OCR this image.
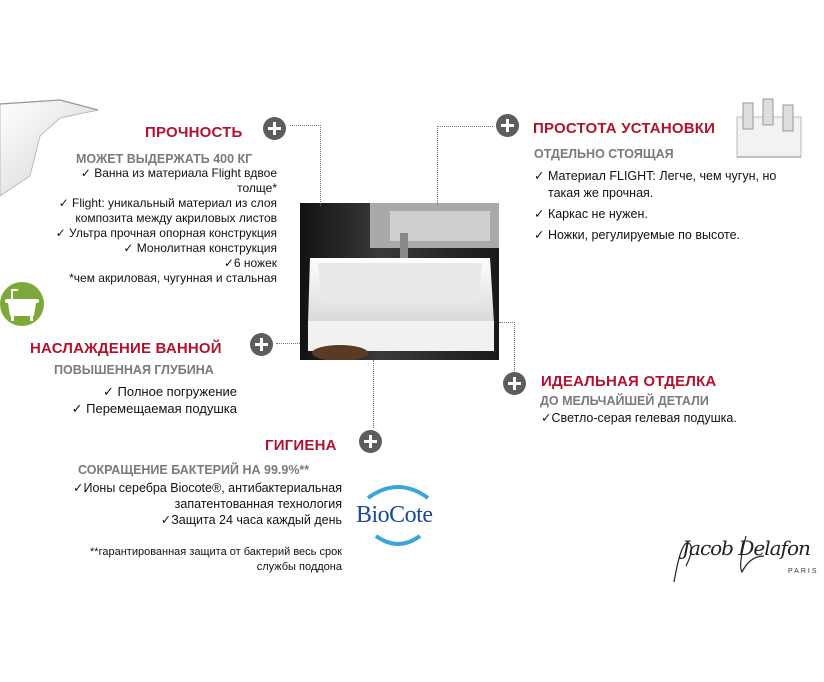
ПРОЧНОСТЬ
МОЖЕТ ВЫДЕРЖАТЬ 400 КГ
✓ Ванна из материала Flight вдвое
толще*
✓ Flight: уникальный материал из слоя
композита между акриловых листов
✓ Ультра прочная опорная конструкция
✓ Монолитная конструкция
✓6 ножек
*чем акриловая, чугунная и стальная
ПРОСТОТА УСТАНОВКИ
ОТДЕЛЬНО СТОЯЩАЯ
✓ Материал FLIGHT: Легче, чем чугун, но
такая же прочная.
✓ Каркас не нужен.
✓ Ножки, регулируемые по высоте.
НАСЛАЖДЕНИЕ ВАННОЙ
ПОВЫШЕННАЯ ГЛУБИНА
✓ Полное погружение
✓ Перемещаемая подушка
ИДЕАЛЬНАЯ ОТДЕЛКА
ДО МЕЛЬЧАЙШЕЙ ДЕТАЛИ
✓Светло-серая гелевая подушка.
ГИГИЕНА
СОКРАЩЕНИЕ БАКТЕРИЙ НА 99.9%**
✓Ионы серебра Biocote®, антибактериальная
запатентованная технология
✓Защита 24 часа каждый день
**гарантированная защита от бактерий весь срок
службы поддона
BioCote
Jacob Delafon
PARIS
